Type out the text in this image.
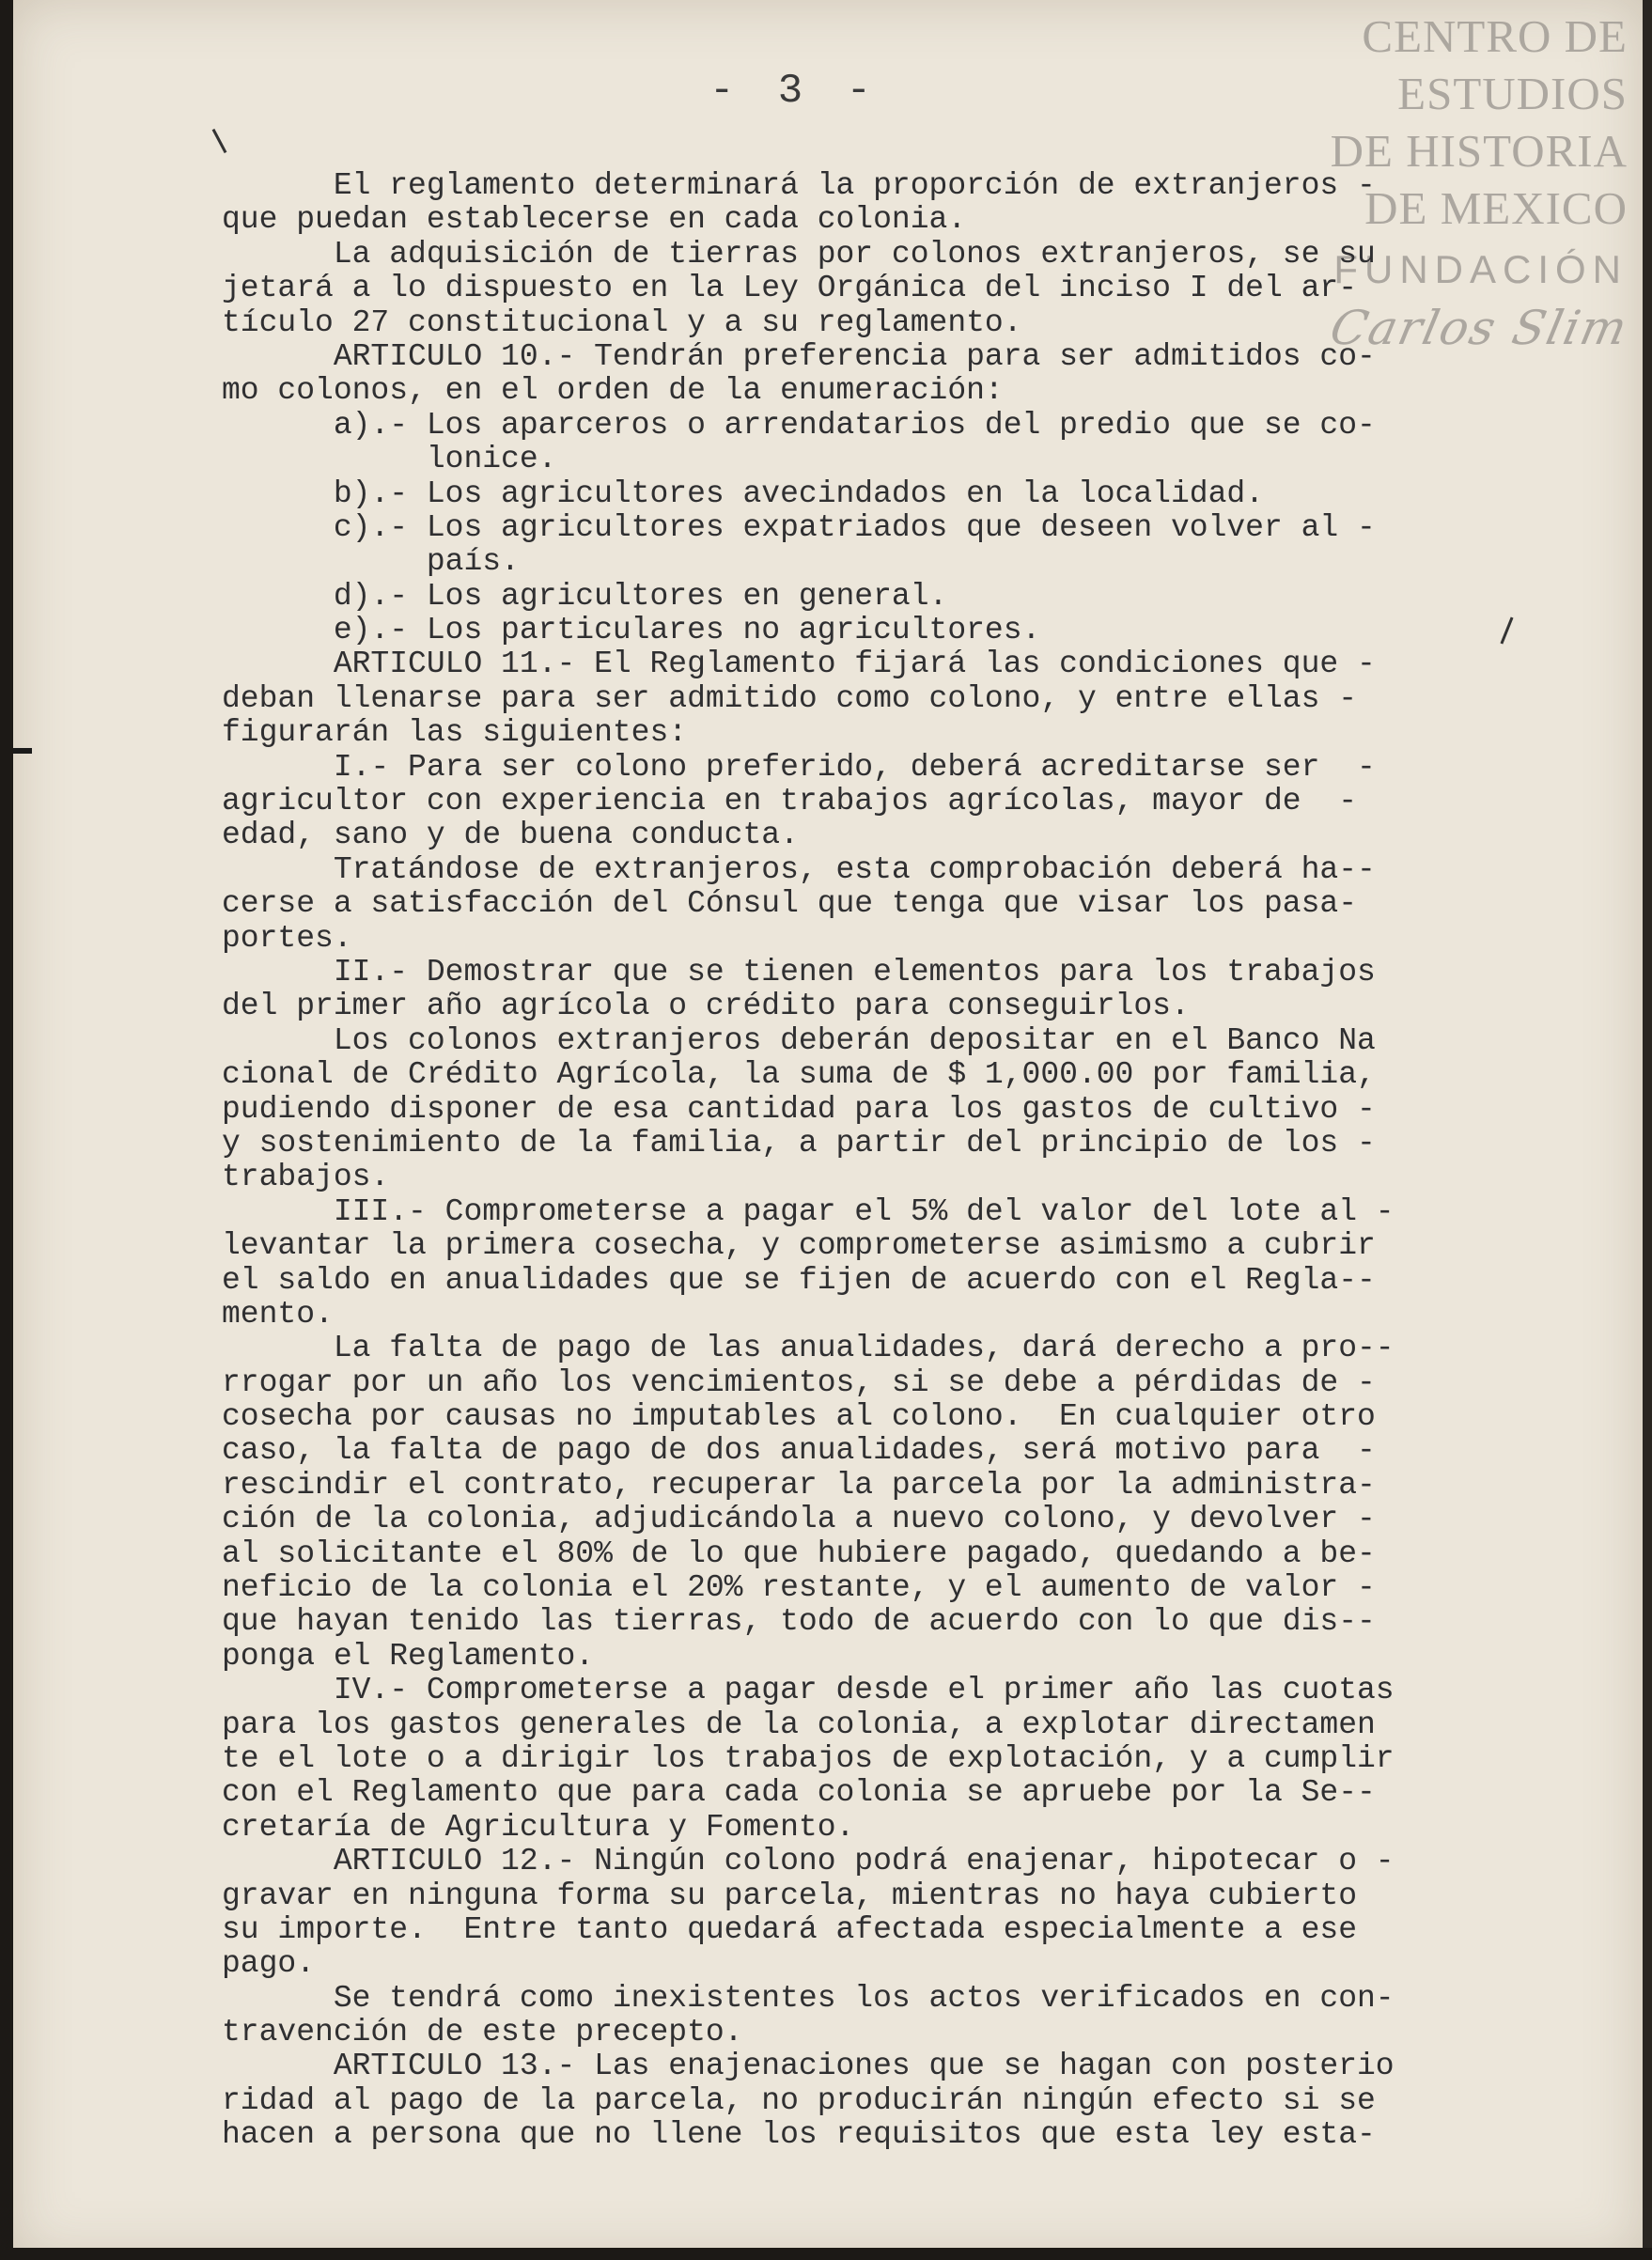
- 3 -
CENTRO DE
ESTUDIOS
DE HISTORIA
DE MEXICO
FUNDACIÓN
Carlos Slim
El reglamento determinará la proporción de extranjeros -
que puedan establecerse en cada colonia.
La adquisición de tierras por colonos extranjeros, se su
jetará a lo dispuesto en la Ley Orgánica del inciso I del ar-
tículo 27 constitucional y a su reglamento.
ARTICULO 10.- Tendrán preferencia para ser admitidos co-
mo colonos, en el orden de la enumeración:
a).- Los aparceros o arrendatarios del predio que se co-
lonice.
b).- Los agricultores avecindados en la localidad.
c).- Los agricultores expatriados que deseen volver al -
país.
d).- Los agricultores en general.
e).- Los particulares no agricultores.
ARTICULO 11.- El Reglamento fijará las condiciones que -
deban llenarse para ser admitido como colono, y entre ellas -
figurarán las siguientes:
I.- Para ser colono preferido, deberá acreditarse ser  -
agricultor con experiencia en trabajos agrícolas, mayor de  -
edad, sano y de buena conducta.
Tratándose de extranjeros, esta comprobación deberá ha--
cerse a satisfacción del Cónsul que tenga que visar los pasa-
portes.
II.- Demostrar que se tienen elementos para los trabajos
del primer año agrícola o crédito para conseguirlos.
Los colonos extranjeros deberán depositar en el Banco Na
cional de Crédito Agrícola, la suma de $ 1,000.00 por familia,
pudiendo disponer de esa cantidad para los gastos de cultivo -
y sostenimiento de la familia, a partir del principio de los -
trabajos.
III.- Comprometerse a pagar el 5% del valor del lote al -
levantar la primera cosecha, y comprometerse asimismo a cubrir
el saldo en anualidades que se fijen de acuerdo con el Regla--
mento.
La falta de pago de las anualidades, dará derecho a pro--
rrogar por un año los vencimientos, si se debe a pérdidas de -
cosecha por causas no imputables al colono.  En cualquier otro
caso, la falta de pago de dos anualidades, será motivo para  -
rescindir el contrato, recuperar la parcela por la administra-
ción de la colonia, adjudicándola a nuevo colono, y devolver -
al solicitante el 80% de lo que hubiere pagado, quedando a be-
neficio de la colonia el 20% restante, y el aumento de valor -
que hayan tenido las tierras, todo de acuerdo con lo que dis--
ponga el Reglamento.
IV.- Comprometerse a pagar desde el primer año las cuotas
para los gastos generales de la colonia, a explotar directamen
te el lote o a dirigir los trabajos de explotación, y a cumplir
con el Reglamento que para cada colonia se apruebe por la Se--
cretaría de Agricultura y Fomento.
ARTICULO 12.- Ningún colono podrá enajenar, hipotecar o -
gravar en ninguna forma su parcela, mientras no haya cubierto
su importe.  Entre tanto quedará afectada especialmente a ese
pago.
Se tendrá como inexistentes los actos verificados en con-
travención de este precepto.
ARTICULO 13.- Las enajenaciones que se hagan con posterio
ridad al pago de la parcela, no producirán ningún efecto si se
hacen a persona que no llene los requisitos que esta ley esta-
